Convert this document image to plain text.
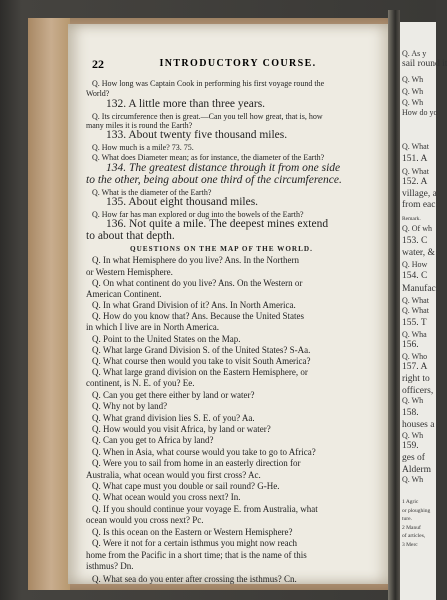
Q. As y
sail round it
Q. Wh
Q. Wh
Q. Wh
How do yo
Q. What
151. A
Q. What
152. A
village, a
from eac
Remark.
Q. Of wh
153. C
water, &
Q. How
154. C
Manufac
Q. What
Q. What
155. T
Q. Wha
156.
Q. Who
157. A
right to
officers,
Q. Wh
158.
houses a
Q. Wh
159.
ges of
Alderm
Q. Wh
1 Agric
or ploughing
ture.
2 Manuf
of articles,
3 Merc
22	INTRODUCTORY COURSE.
Q. How long was Captain Cook in performing his first voyage round the
World?
132. A little more than three years.
Q. Its circumference then is great.—Can you tell how great, that is, how
many miles it is round the Earth?
133. About twenty five thousand miles.
Q. How much is a mile? 73. 75.
Q. What does Diameter mean; as for instance, the diameter of the Earth?
134. The greatest distance through it from one side
to the other, being about one third of the circumference.
Q. What is the diameter of the Earth?
135. About eight thousand miles.
Q. How far has man explored or dug into the bowels of the Earth?
136. Not quite a mile. The deepest mines extend
to about that depth.
QUESTIONS ON THE MAP OF THE WORLD.
Q. In what Hemisphere do you live? Ans. In the Northern
or Western Hemisphere.
Q. On what continent do you live? Ans. On the Western or
American Continent.
Q. In what Grand Division of it? Ans. In North America.
Q. How do you know that? Ans. Because the United States
in which I live are in North America.
Q. Point to the United States on the Map.
Q. What large Grand Division S. of the United States? S-Aa.
Q. What course then would you take to visit South America?
Q. What large grand division on the Eastern Hemisphere, or
continent, is N. E. of you? Ee.
Q. Can you get there either by land or water?
Q. Why not by land?
Q. What grand division lies S. E. of you? Aa.
Q. How would you visit Africa, by land or water?
Q. Can you get to Africa by land?
Q. When in Asia, what course would you take to go to Africa?
Q. Were you to sail from home in an easterly direction for
Australia, what ocean would you first cross? Ac.
Q. What cape must you double or sail round? G-He.
Q. What ocean would you cross next? In.
Q. If you should continue your voyage E. from Australia, what
ocean would you cross next? Pc.
Q. Is this ocean on the Eastern or Western Hemisphere?
Q. Were it not for a certain isthmus you might now reach
home from the Pacific in a short time; that is the name of this
isthmus? Dn.
Q. What sea do you enter after crossing the isthmus? Cn.
